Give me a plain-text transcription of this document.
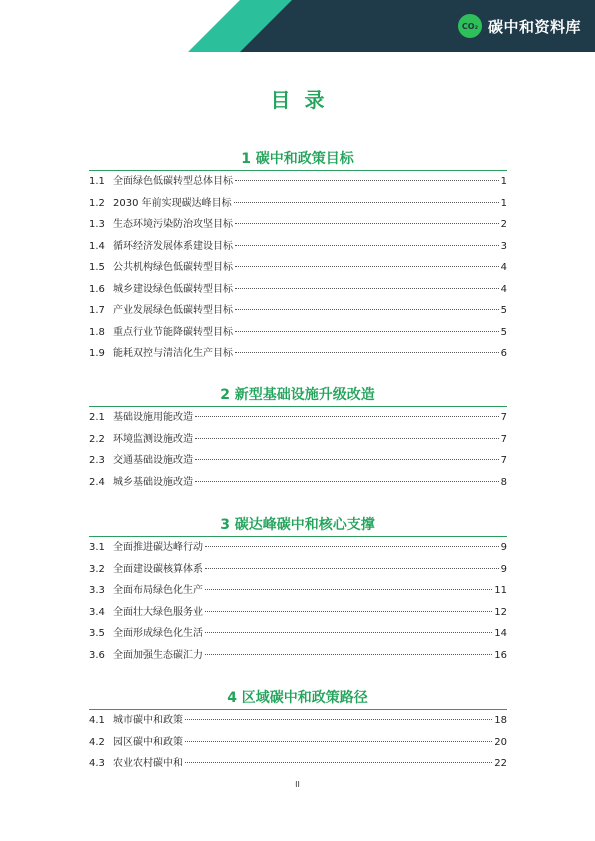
CO₂ 碳中和资料库
目录
1 碳中和政策目标
1.1 全面绿色低碳转型总体目标	1
1.2 2030 年前实现碳达峰目标	1
1.3 生态环境污染防治攻坚目标	2
1.4 循环经济发展体系建设目标	3
1.5 公共机构绿色低碳转型目标	4
1.6 城乡建设绿色低碳转型目标	4
1.7 产业发展绿色低碳转型目标	5
1.8 重点行业节能降碳转型目标	5
1.9 能耗双控与清洁化生产目标	6
2 新型基础设施升级改造
2.1 基础设施用能改造	7
2.2 环境监测设施改造	7
2.3 交通基础设施改造	7
2.4 城乡基础设施改造	8
3 碳达峰碳中和核心支撑
3.1 全面推进碳达峰行动	9
3.2 全面建设碳核算体系	9
3.3 全面布局绿色化生产	11
3.4 全面壮大绿色服务业	12
3.5 全面形成绿色化生活	14
3.6 全面加强生态碳汇力	16
4 区域碳中和政策路径
4.1 城市碳中和政策	18
4.2 园区碳中和政策	20
4.3 农业农村碳中和	22
II
